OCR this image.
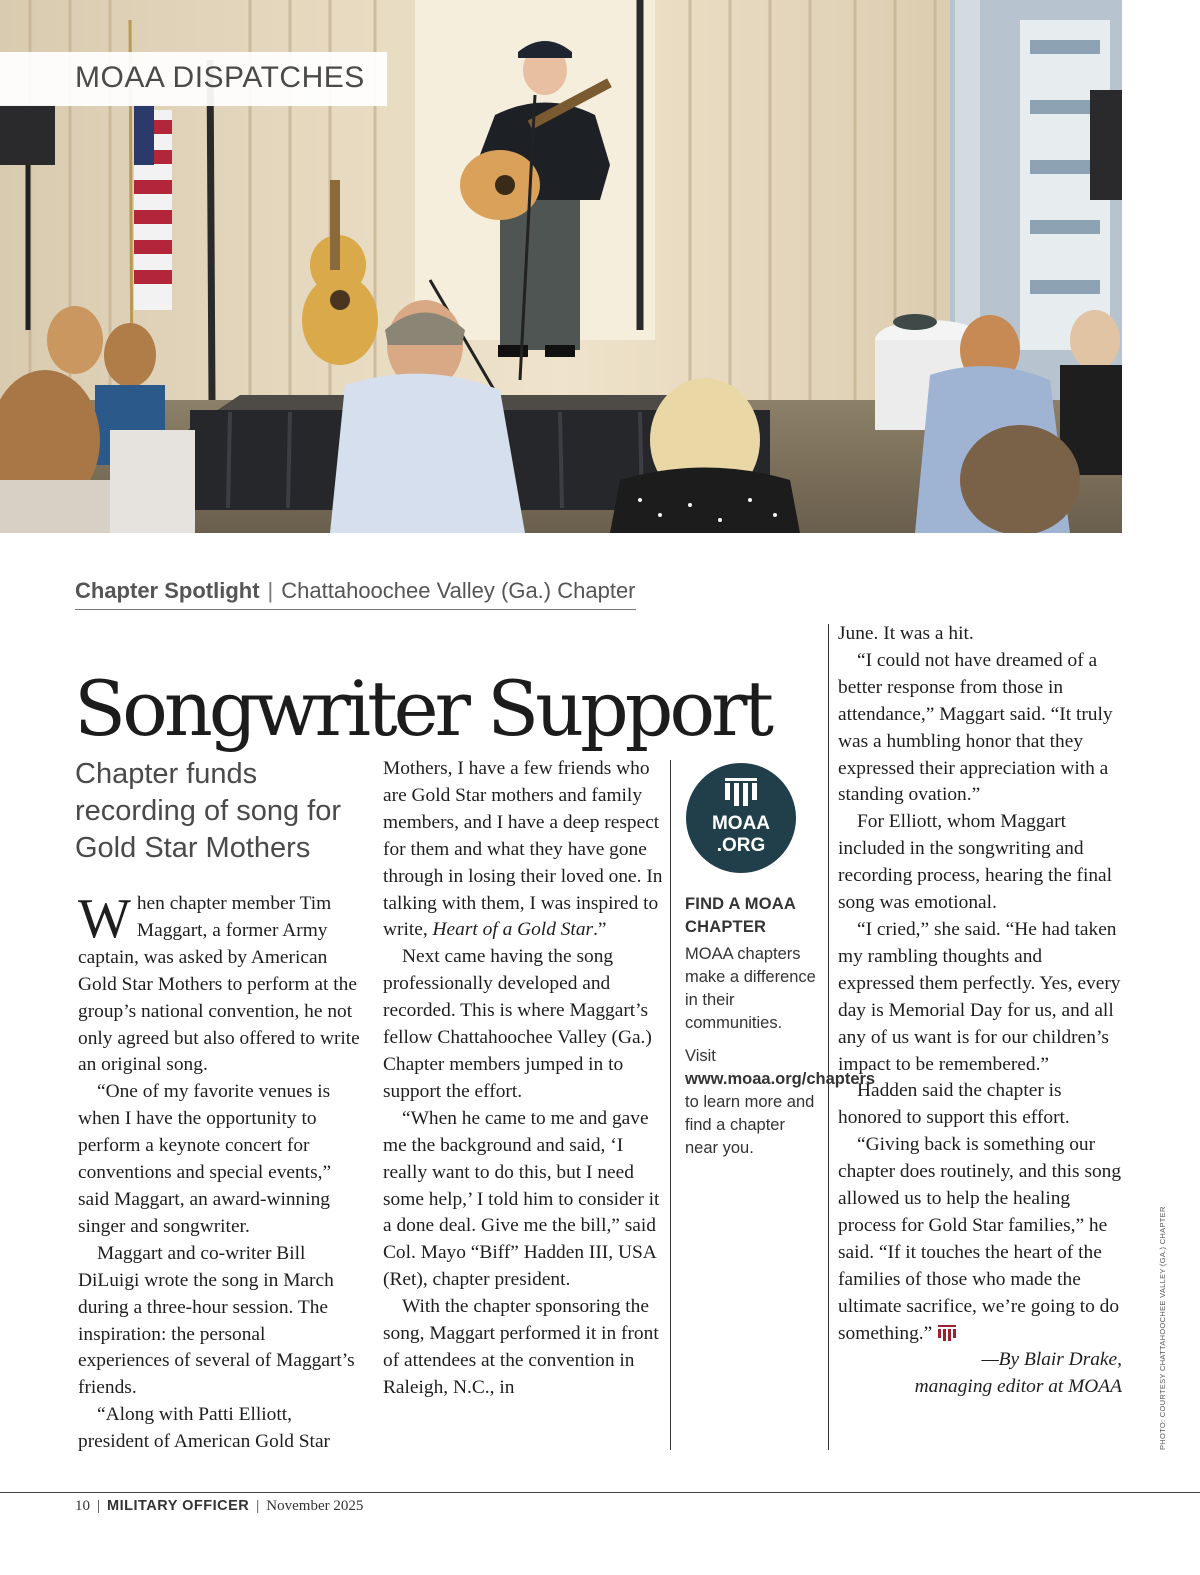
MOAA DISPATCHES
Chapter Spotlight | Chattahoochee Valley (Ga.) Chapter
Songwriter Support
Chapter funds recording of song for Gold Star Mothers

When chapter member Tim Maggart, a former Army captain, was asked by American Gold Star Mothers to perform at the group’s national convention, he not only agreed but also offered to write an original song.

“One of my favorite venues is when I have the opportunity to perform a keynote concert for conventions and special events,” said Maggart, an award-winning singer and songwriter.

Maggart and co-writer Bill DiLuigi wrote the song in March during a three-hour session. The inspiration: the personal experiences of several of Maggart’s friends.

“Along with Patti Elliott, president of American Gold Star

Mothers, I have a few friends who are Gold Star mothers and family members, and I have a deep respect for them and what they have gone through in losing their loved one. In talking with them, I was inspired to write, Heart of a Gold Star.”

Next came having the song professionally developed and recorded. This is where Maggart’s fellow Chattahoochee Valley (Ga.) Chapter members jumped in to support the effort.

“When he came to me and gave me the background and said, ‘I really want to do this, but I need some help,’ I told him to consider it a done deal. Give me the bill,” said Col. Mayo “Biff” Hadden III, USA (Ret), chapter president.

With the chapter sponsoring the song, Maggart performed it in front of attendees at the convention in Raleigh, N.C., in

MOAA
.ORG
FIND A MOAA CHAPTER
MOAA chapters make a difference in their communities.
Visit www.moaa.org/chapters to learn more and find a chapter near you.

June. It was a hit.

“I could not have dreamed of a better response from those in attendance,” Maggart said. “It truly was a humbling honor that they expressed their appreciation with a standing ovation.”

For Elliott, whom Maggart included in the songwriting and recording process, hearing the final song was emotional.

“I cried,” she said. “He had taken my rambling thoughts and expressed them perfectly. Yes, every day is Memorial Day for us, and all any of us want is for our children’s impact to be remembered.”

Hadden said the chapter is honored to support this effort.

“Giving back is something our chapter does routinely, and this song allowed us to help the healing process for Gold Star families,” he said. “If it touches the heart of the families of those who made the ultimate sacrifice, we’re going to do something.”

—By Blair Drake,
managing editor at MOAA	PHOTO: COURTESY CHATTAHOOCHEE VALLEY (GA.) CHAPTER
10 | MILITARY OFFICER | November 2025
